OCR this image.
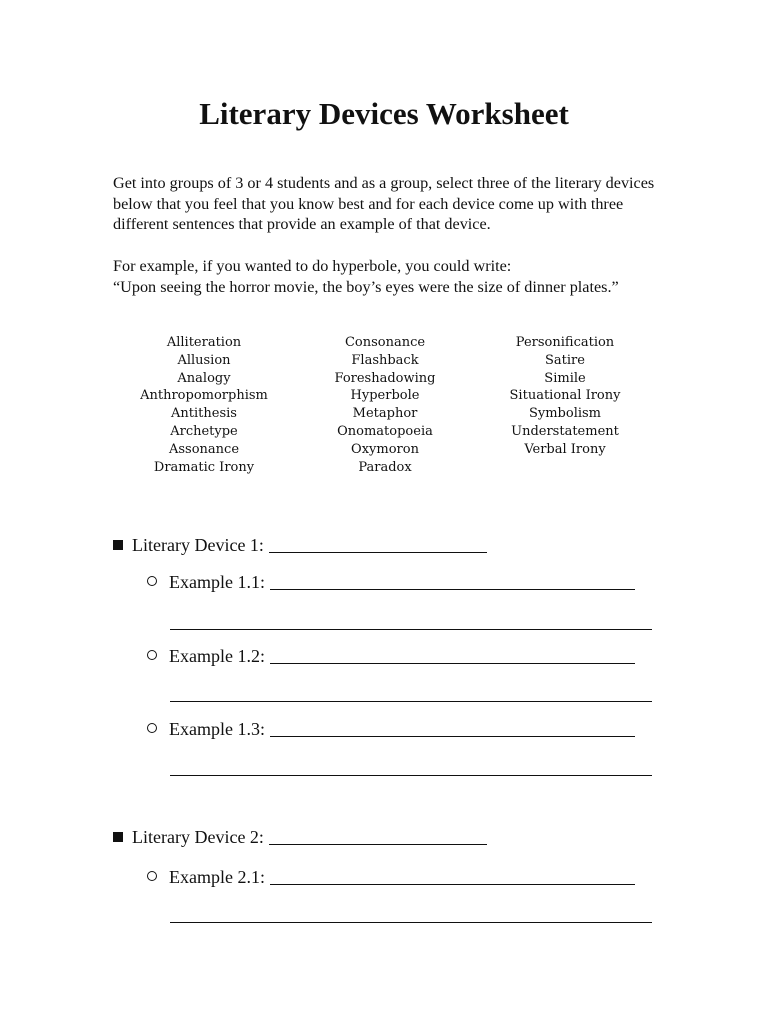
Literary Devices Worksheet
Get into groups of 3 or 4 students and as a group, select three of the literary devices below that you feel that you know best and for each device come up with three different sentences that provide an example of that device.
For example, if you wanted to do hyperbole, you could write:
“Upon seeing the horror movie, the boy’s eyes were the size of dinner plates.”
Alliteration
Allusion
Analogy
Anthropomorphism
Antithesis
Archetype
Assonance
Dramatic Irony
Consonance
Flashback
Foreshadowing
Hyperbole
Metaphor
Onomatopoeia
Oxymoron
Paradox
Personification
Satire
Simile
Situational Irony
Symbolism
Understatement
Verbal Irony
Literary Device 1:
Example 1.1:
Example 1.2:
Example 1.3:
Literary Device 2:
Example 2.1:
